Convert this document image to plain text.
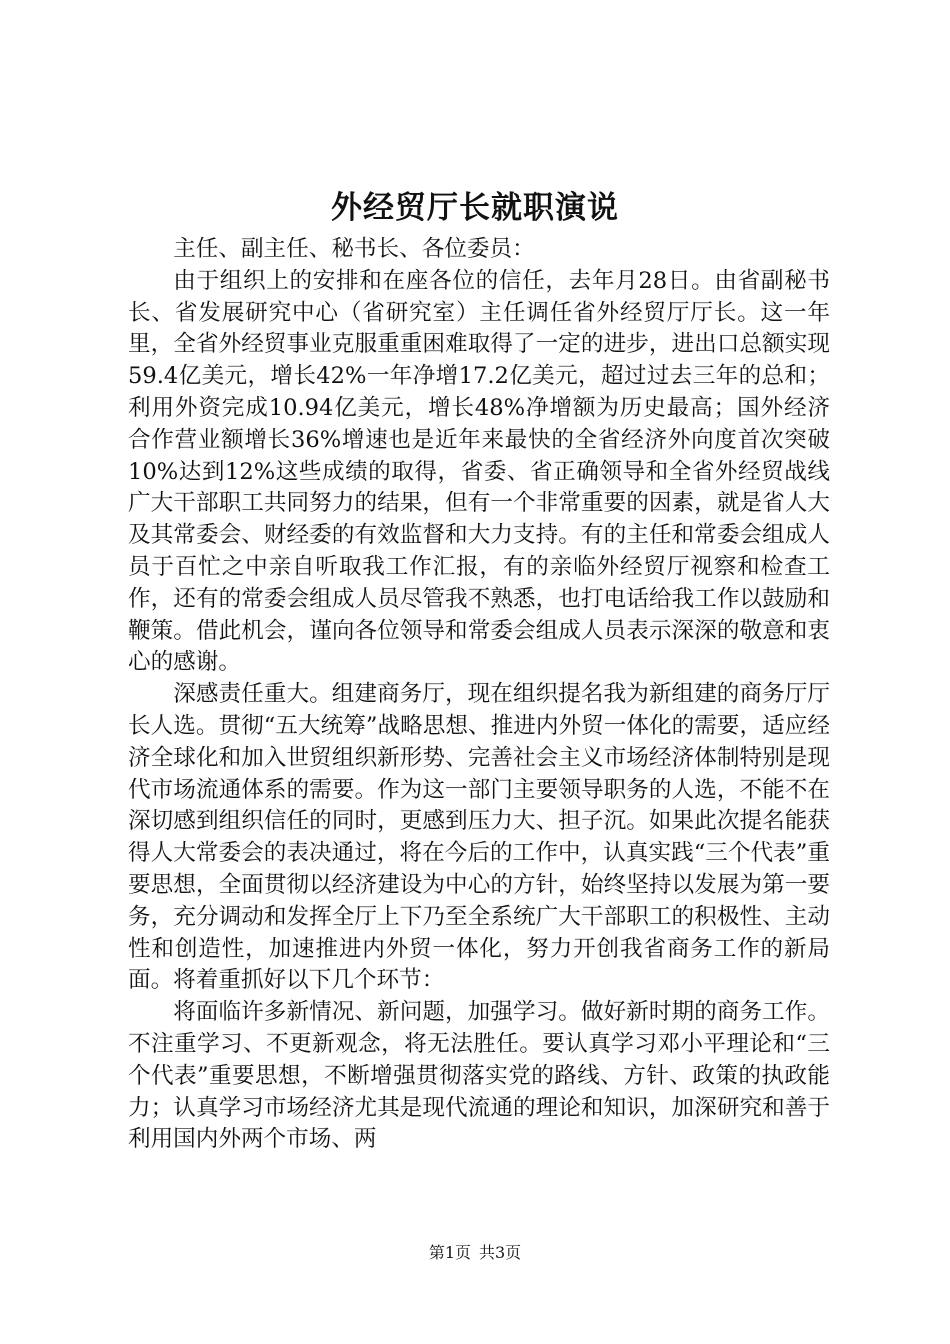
外经贸厅长就职演说

主任、副主任、秘书长、各位委员：

由于组织上的安排和在座各位的信任，去年月28日。由省副秘书长、省发展研究中心（省研究室）主任调任省外经贸厅厅长。这一年里，全省外经贸事业克服重重困难取得了一定的进步，进出口总额实现59.4亿美元，增长42%一年净增17.2亿美元，超过过去三年的总和；利用外资完成10.94亿美元，增长48%净增额为历史最高；国外经济合作营业额增长36%增速也是近年来最快的全省经济外向度首次突破10%达到12%这些成绩的取得，省委、省正确领导和全省外经贸战线广大干部职工共同努力的结果，但有一个非常重要的因素，就是省人大及其常委会、财经委的有效监督和大力支持。有的主任和常委会组成人员于百忙之中亲自听取我工作汇报，有的亲临外经贸厅视察和检查工作，还有的常委会组成人员尽管我不熟悉，也打电话给我工作以鼓励和鞭策。借此机会，谨向各位领导和常委会组成人员表示深深的敬意和衷心的感谢。

深感责任重大。组建商务厅，现在组织提名我为新组建的商务厅厅长人选。贯彻“五大统筹”战略思想、推进内外贸一体化的需要，适应经济全球化和加入世贸组织新形势、完善社会主义市场经济体制特别是现代市场流通体系的需要。作为这一部门主要领导职务的人选，不能不在深切感到组织信任的同时，更感到压力大、担子沉。如果此次提名能获得人大常委会的表决通过，将在今后的工作中，认真实践“三个代表”重要思想，全面贯彻以经济建设为中心的方针，始终坚持以发展为第一要务，充分调动和发挥全厅上下乃至全系统广大干部职工的积极性、主动性和创造性，加速推进内外贸一体化，努力开创我省商务工作的新局面。将着重抓好以下几个环节：

将面临许多新情况、新问题，加强学习。做好新时期的商务工作。不注重学习、不更新观念，将无法胜任。要认真学习邓小平理论和“三个代表”重要思想，不断增强贯彻落实党的路线、方针、政策的执政能力；认真学习市场经济尤其是现代流通的理论和知识，加深研究和善于利用国内外两个市场、两

第1页 共3页
